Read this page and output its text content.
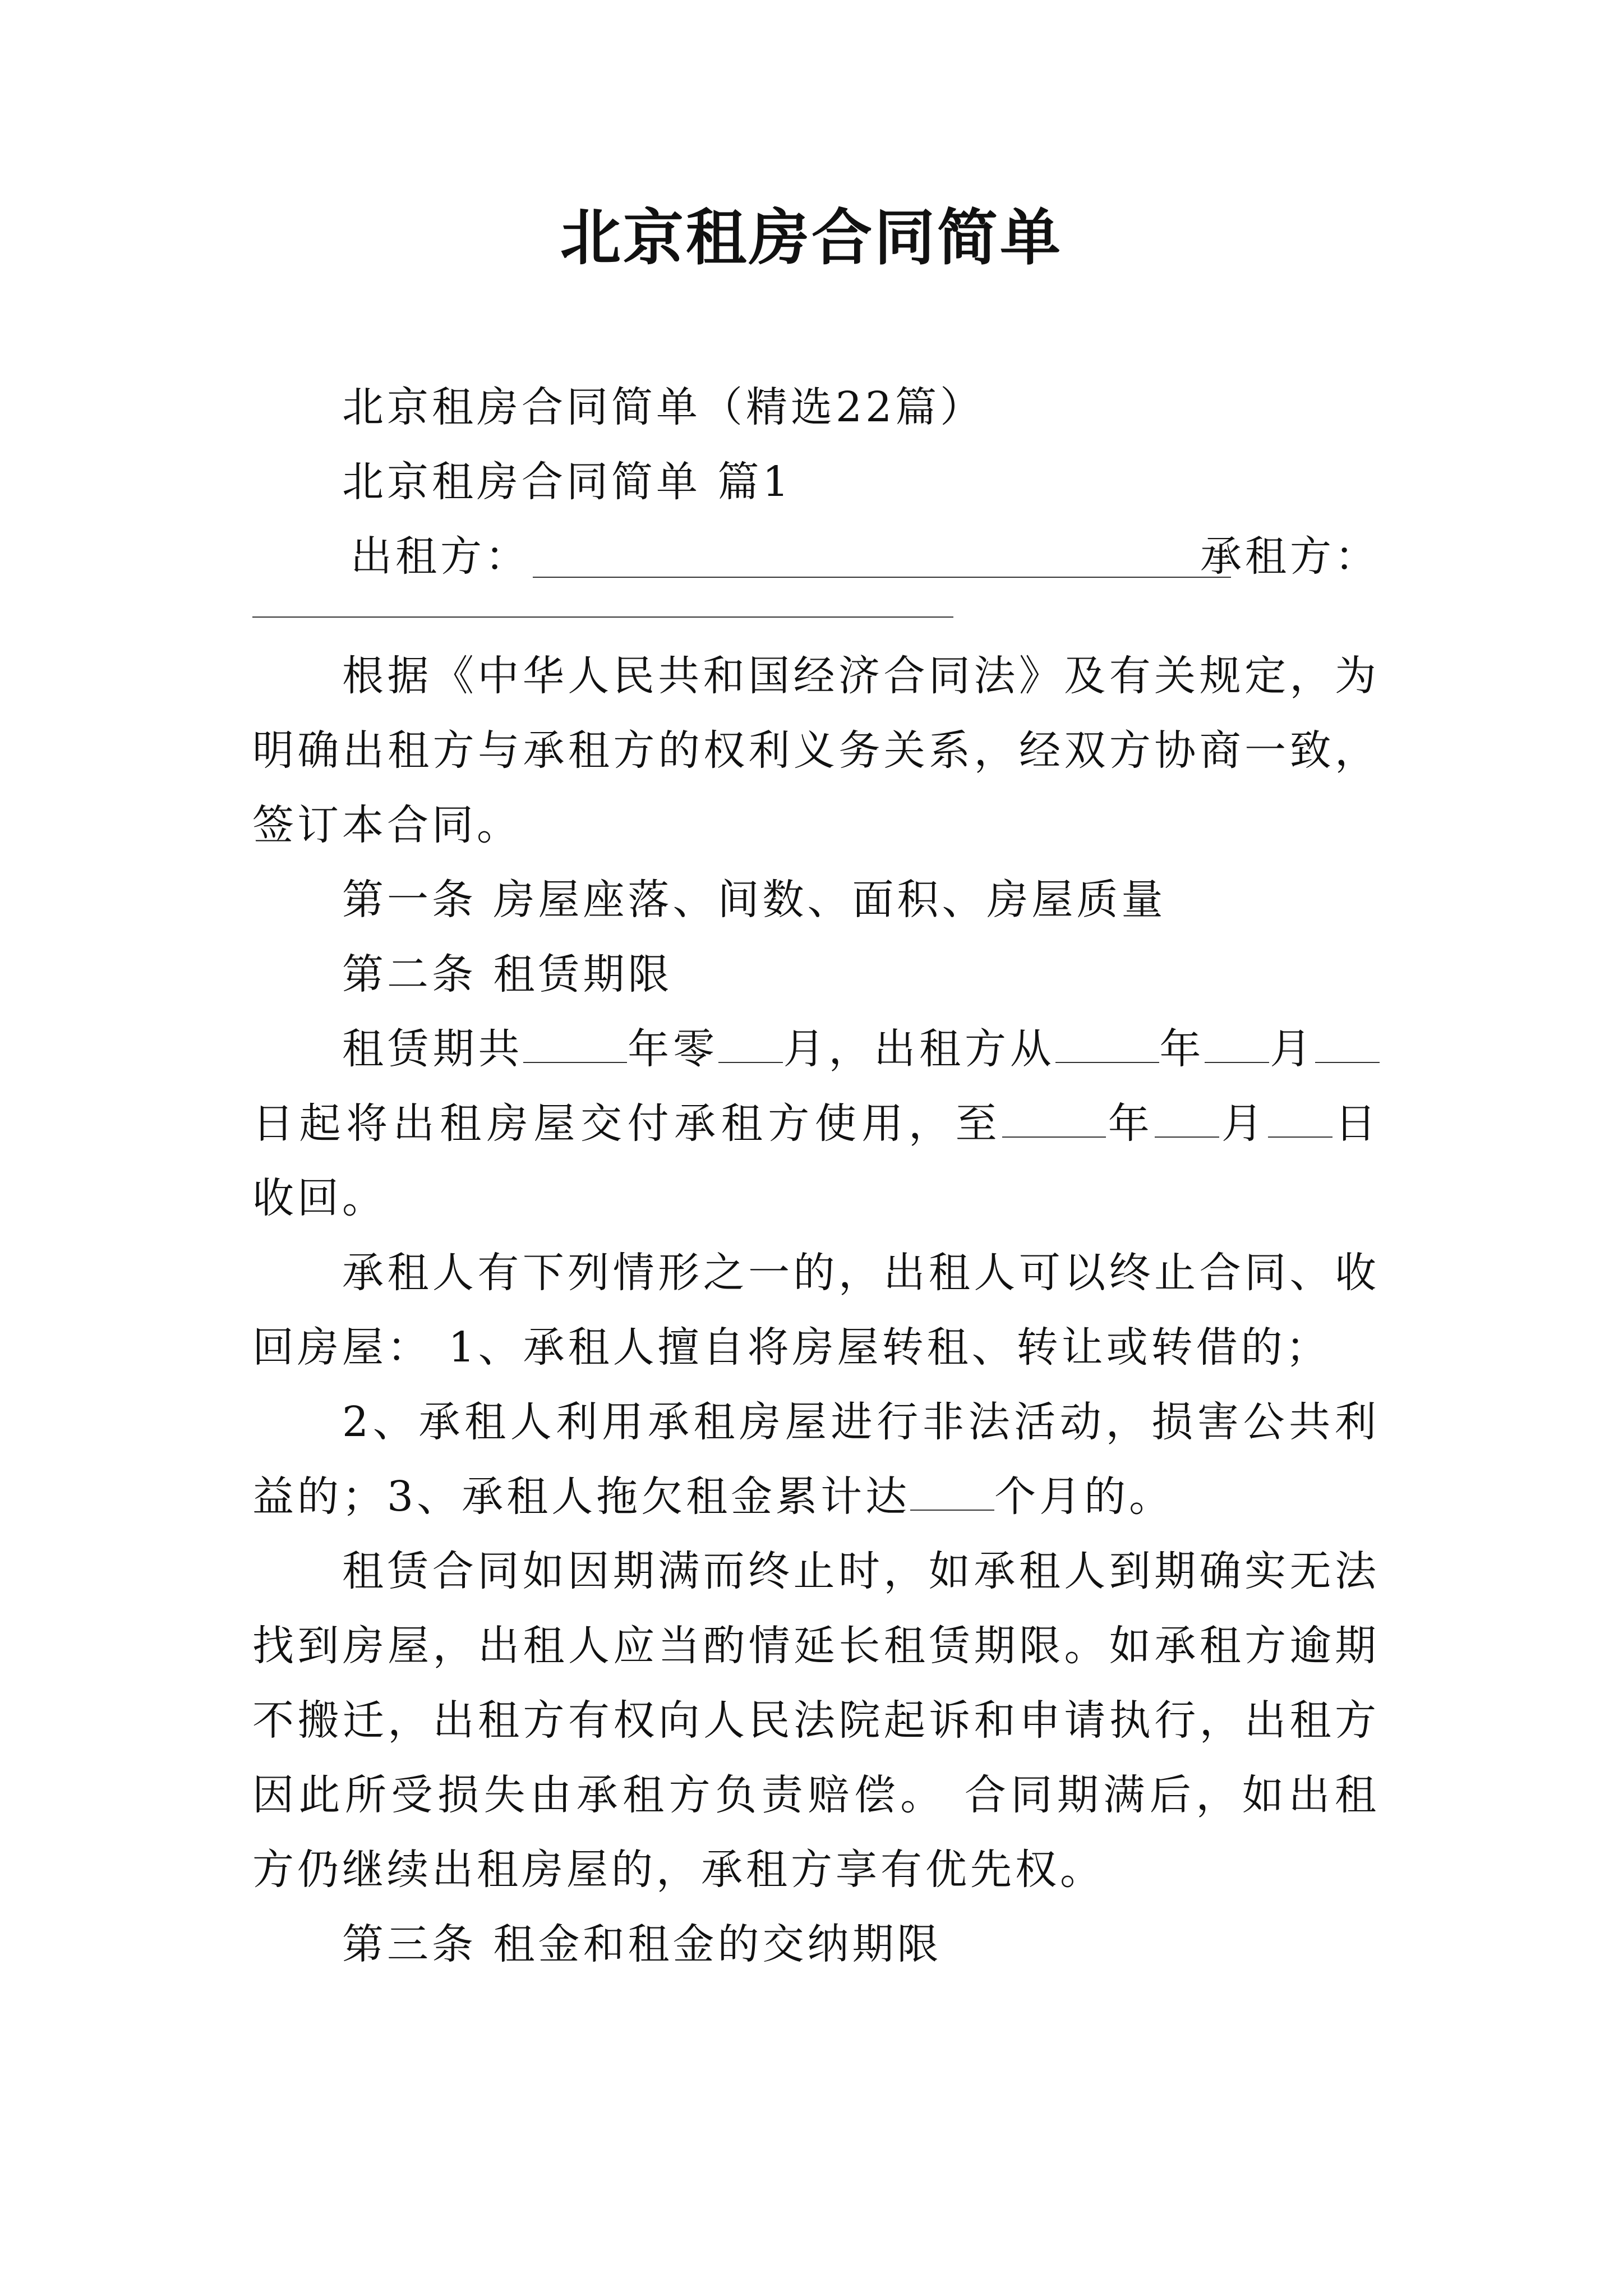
北京租房合同简单

北京租房合同简单（精选22篇）

北京租房合同简单 篇1

出租方：	承租方：

根据《中华人民共和国经济合同法》及有关规定，为明确出租方与承租方的权利义务关系，经双方协商一致，签订本合同。

第一条 房屋座落、间数、面积、房屋质量

第二条 租赁期限

租赁期共	年零 月，出租方从	年 月日起将出租房屋交付承租方使用，至	年 月 日收回。

承租人有下列情形之一的，出租人可以终止合同、收回房屋： 1、承租人擅自将房屋转租、转让或转借的；

2、承租人利用承租房屋进行非法活动，损害公共利益的；3、承租人拖欠租金累计达 个月的。

租赁合同如因期满而终止时，如承租人到期确实无法找到房屋，出租人应当酌情延长租赁期限。如承租方逾期不搬迁，出租方有权向人民法院起诉和申请执行，出租方因此所受损失由承租方负责赔偿。 合同期满后，如出租方仍继续出租房屋的，承租方享有优先权。

第三条 租金和租金的交纳期限
